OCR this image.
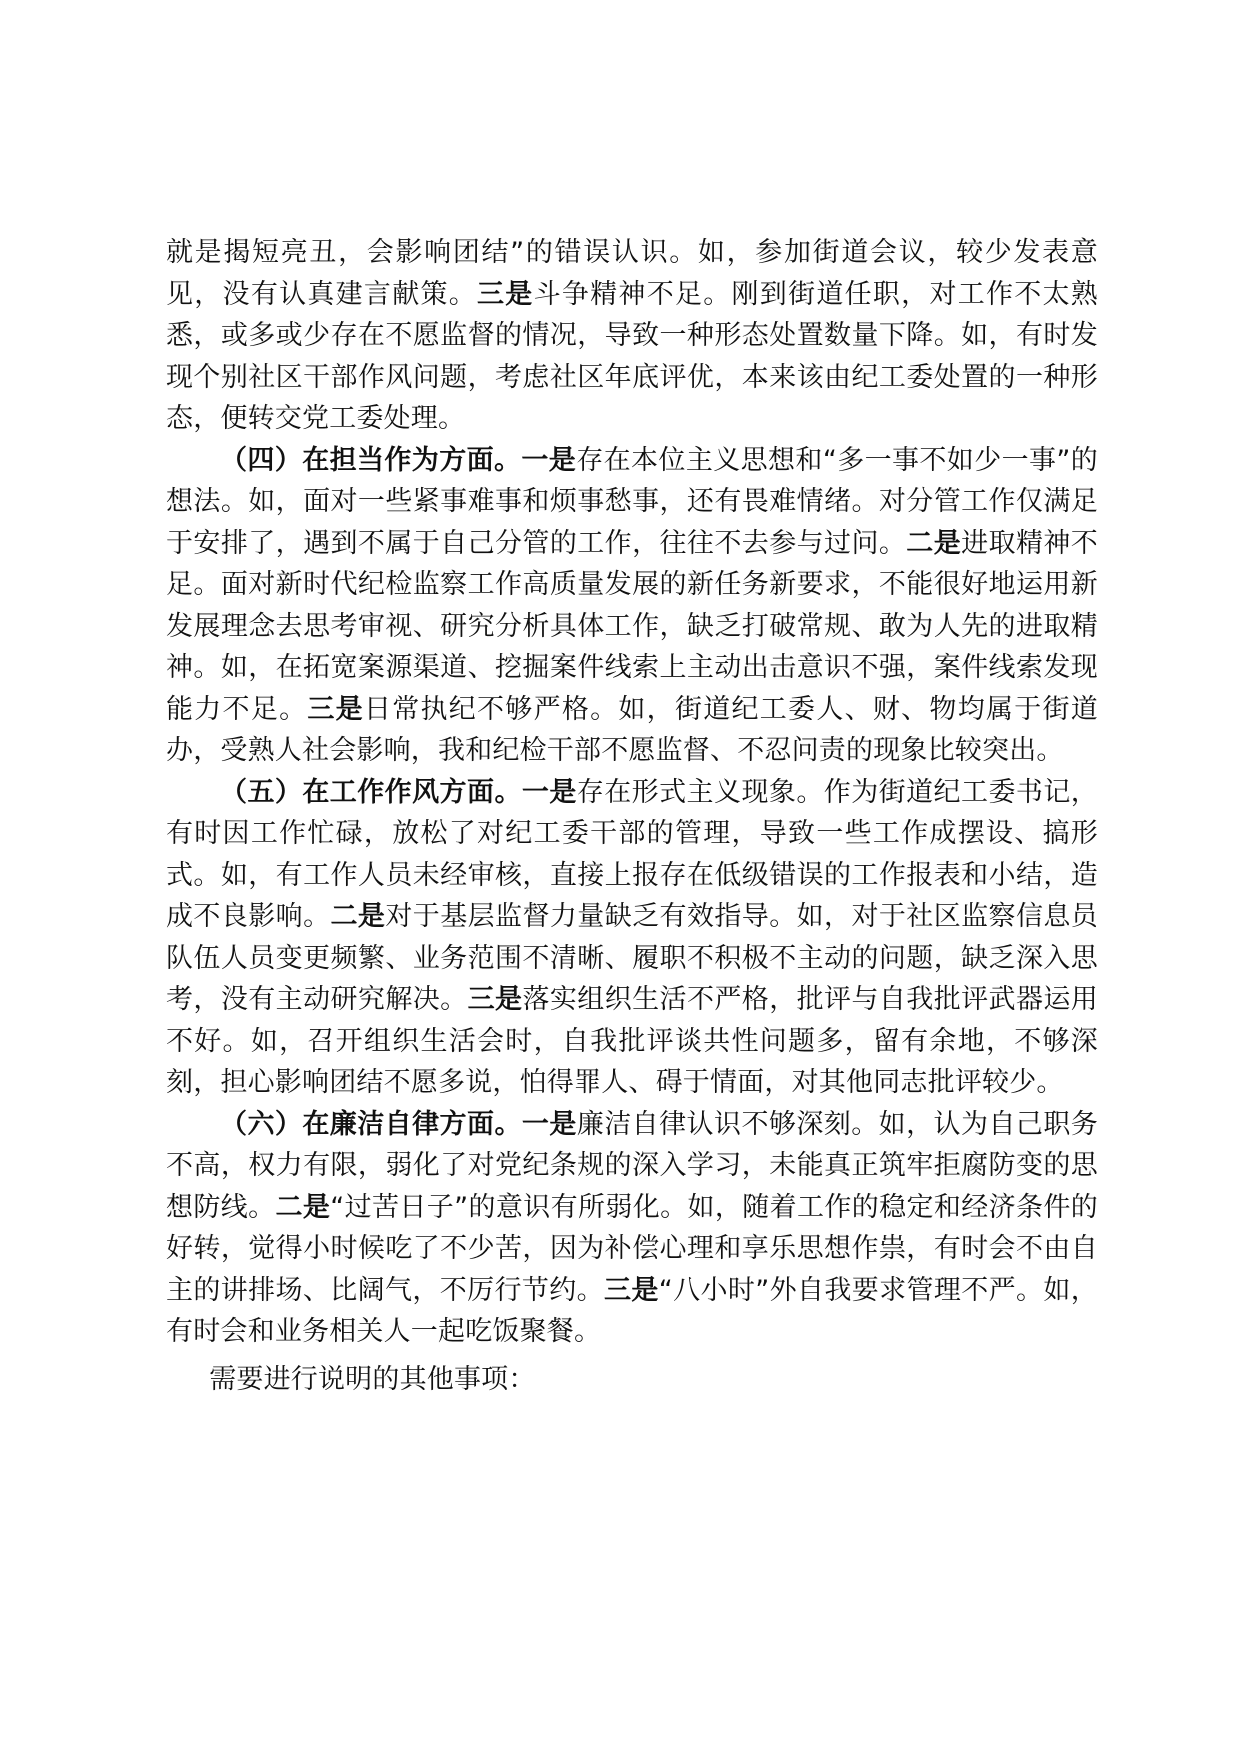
就是揭短亮丑，会影响团结”的错误认识。如，参加街道会议，较少发表意见，没有认真建言献策。三是斗争精神不足。刚到街道任职，对工作不太熟悉，或多或少存在不愿监督的情况，导致一种形态处置数量下降。如，有时发现个别社区干部作风问题，考虑社区年底评优，本来该由纪工委处置的一种形态，便转交党工委处理。

（四）在担当作为方面。一是存在本位主义思想和“多一事不如少一事”的想法。如，面对一些紧事难事和烦事愁事，还有畏难情绪。对分管工作仅满足于安排了，遇到不属于自己分管的工作，往往不去参与过问。二是进取精神不足。面对新时代纪检监察工作高质量发展的新任务新要求，不能很好地运用新发展理念去思考审视、研究分析具体工作，缺乏打破常规、敢为人先的进取精神。如，在拓宽案源渠道、挖掘案件线索上主动出击意识不强，案件线索发现能力不足。三是日常执纪不够严格。如，街道纪工委人、财、物均属于街道办，受熟人社会影响，我和纪检干部不愿监督、不忍问责的现象比较突出。

（五）在工作作风方面。一是存在形式主义现象。作为街道纪工委书记，有时因工作忙碌，放松了对纪工委干部的管理，导致一些工作成摆设、搞形式。如，有工作人员未经审核，直接上报存在低级错误的工作报表和小结，造成不良影响。二是对于基层监督力量缺乏有效指导。如，对于社区监察信息员队伍人员变更频繁、业务范围不清晰、履职不积极不主动的问题，缺乏深入思考，没有主动研究解决。三是落实组织生活不严格，批评与自我批评武器运用不好。如，召开组织生活会时，自我批评谈共性问题多，留有余地，不够深刻，担心影响团结不愿多说，怕得罪人、碍于情面，对其他同志批评较少。

（六）在廉洁自律方面。一是廉洁自律认识不够深刻。如，认为自己职务不高，权力有限，弱化了对党纪条规的深入学习，未能真正筑牢拒腐防变的思想防线。二是“过苦日子”的意识有所弱化。如，随着工作的稳定和经济条件的好转，觉得小时候吃了不少苦，因为补偿心理和享乐思想作祟，有时会不由自主的讲排场、比阔气，不厉行节约。三是“八小时”外自我要求管理不严。如，有时会和业务相关人一起吃饭聚餐。

需要进行说明的其他事项：
